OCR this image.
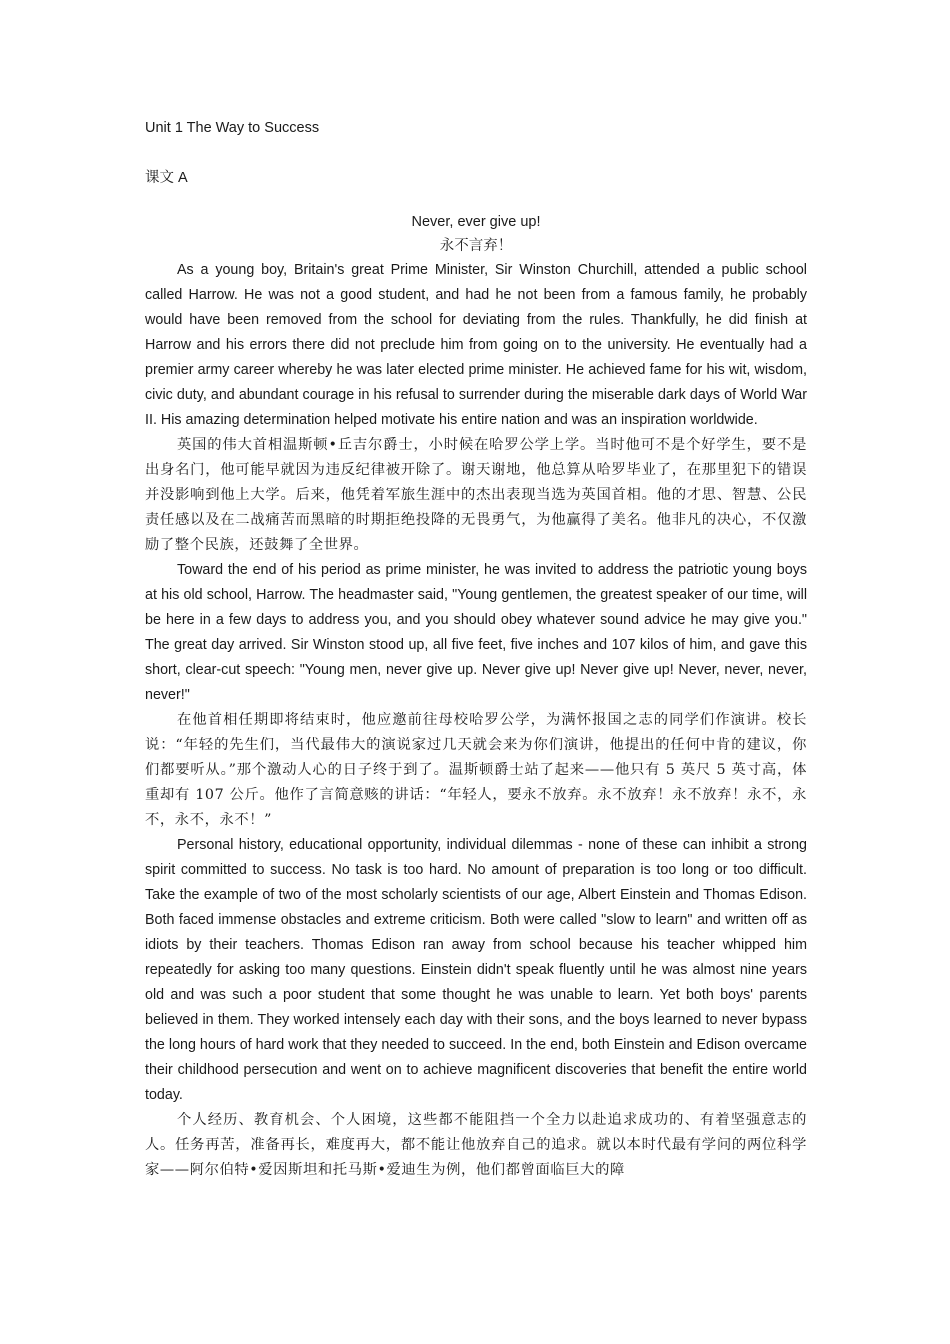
Unit 1 The Way to Success

课文 A

Never, ever give up!

永不言弃！

As a young boy, Britain's great Prime Minister, Sir Winston Churchill, attended a public school called Harrow. He was not a good student, and had he not been from a famous family, he probably would have been removed from the school for deviating from the rules. Thankfully, he did finish at Harrow and his errors there did not preclude him from going on to the university. He eventually had a premier army career whereby he was later elected prime minister. He achieved fame for his wit, wisdom, civic duty, and abundant courage in his refusal to surrender during the miserable dark days of World War II. His amazing determination helped motivate his entire nation and was an inspiration worldwide.

英国的伟大首相温斯顿•丘吉尔爵士，小时候在哈罗公学上学。当时他可不是个好学生，要不是出身名门，他可能早就因为违反纪律被开除了。谢天谢地，他总算从哈罗毕业了，在那里犯下的错误并没影响到他上大学。后来，他凭着军旅生涯中的杰出表现当选为英国首相。他的才思、智慧、公民责任感以及在二战痛苦而黑暗的时期拒绝投降的无畏勇气，为他赢得了美名。他非凡的决心，不仅激励了整个民族，还鼓舞了全世界。

Toward the end of his period as prime minister, he was invited to address the patriotic young boys at his old school, Harrow. The headmaster said, "Young gentlemen, the greatest speaker of our time, will be here in a few days to address you, and you should obey whatever sound advice he may give you." The great day arrived. Sir Winston stood up, all five feet, five inches and 107 kilos of him, and gave this short, clear-cut speech: "Young men, never give up. Never give up! Never give up! Never, never, never, never!"

在他首相任期即将结束时，他应邀前往母校哈罗公学，为满怀报国之志的同学们作演讲。校长说：“年轻的先生们，当代最伟大的演说家过几天就会来为你们演讲，他提出的任何中肯的建议，你们都要听从。”那个激动人心的日子终于到了。温斯顿爵士站了起来——他只有 5 英尺 5 英寸高，体重却有 107 公斤。他作了言简意赅的讲话：“年轻人，要永不放弃。永不放弃！永不放弃！永不，永不，永不，永不！”

Personal history, educational opportunity, individual dilemmas - none of these can inhibit a strong spirit committed to success. No task is too hard. No amount of preparation is too long or too difficult. Take the example of two of the most scholarly scientists of our age, Albert Einstein and Thomas Edison. Both faced immense obstacles and extreme criticism. Both were called "slow to learn" and written off as idiots by their teachers. Thomas Edison ran away from school because his teacher whipped him repeatedly for asking too many questions. Einstein didn't speak fluently until he was almost nine years old and was such a poor student that some thought he was unable to learn. Yet both boys' parents believed in them. They worked intensely each day with their sons, and the boys learned to never bypass the long hours of hard work that they needed to succeed. In the end, both Einstein and Edison overcame their childhood persecution and went on to achieve magnificent discoveries that benefit the entire world today.

个人经历、教育机会、个人困境，这些都不能阻挡一个全力以赴追求成功的、有着坚强意志的人。任务再苦，准备再长，难度再大，都不能让他放弃自己的追求。就以本时代最有学问的两位科学家——阿尔伯特•爱因斯坦和托马斯•爱迪生为例，他们都曾面临巨大的障
